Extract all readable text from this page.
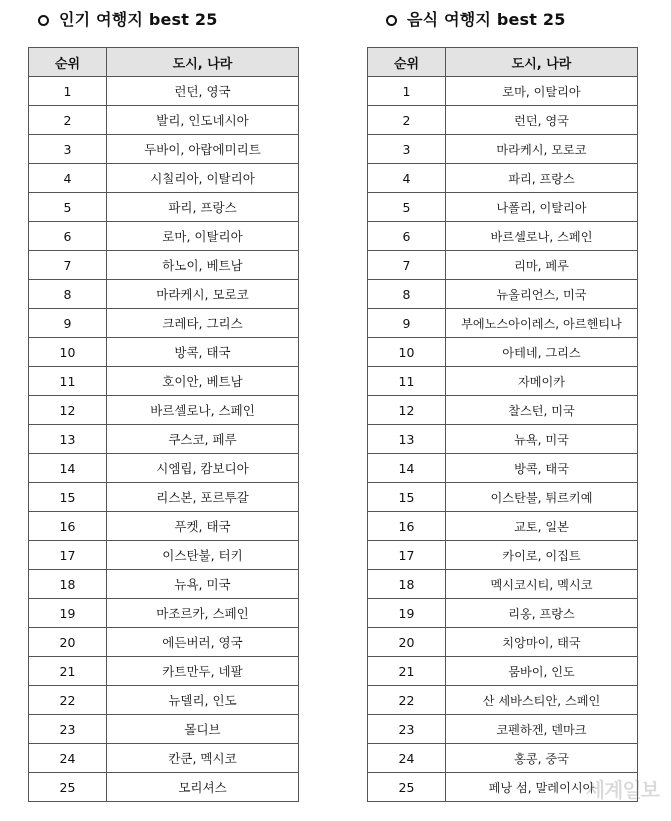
인기 여행지 best 25	음식 여행지 best 25
순위	도시, 나라
1	런던, 영국
2	발리, 인도네시아
3	두바이, 아랍에미리트
4	시칠리아, 이탈리아
5	파리, 프랑스
6	로마, 이탈리아
7	하노이, 베트남
8	마라케시, 모로코
9	크레타, 그리스
10	방콕, 태국
11	호이안, 베트남
12	바르셀로나, 스페인
13	쿠스코, 페루
14	시엠립, 캄보디아
15	리스본, 포르투갈
16	푸켓, 태국
17	이스탄불, 터키
18	뉴욕, 미국
19	마조르카, 스페인
20	에든버러, 영국
21	카트만두, 네팔
22	뉴델리, 인도
23	몰디브
24	칸쿤, 멕시코
25	모리셔스
순위	도시, 나라
1	로마, 이탈리아
2	런던, 영국
3	마라케시, 모로코
4	파리, 프랑스
5	나폴리, 이탈리아
6	바르셀로나, 스페인
7	리마, 페루
8	뉴올리언스, 미국
9	부에노스아이레스, 아르헨티나
10	아테네, 그리스
11	자메이카
12	찰스턴, 미국
13	뉴욕, 미국
14	방콕, 태국
15	이스탄불, 튀르키예
16	교토, 일본
17	카이로, 이집트
18	멕시코시티, 멕시코
19	리옹, 프랑스
20	치앙마이, 태국
21	뭄바이, 인도
22	산 세바스티안, 스페인
23	코펜하겐, 덴마크
24	홍콩, 중국
25	페낭 섬, 말레이시아
세계일보
